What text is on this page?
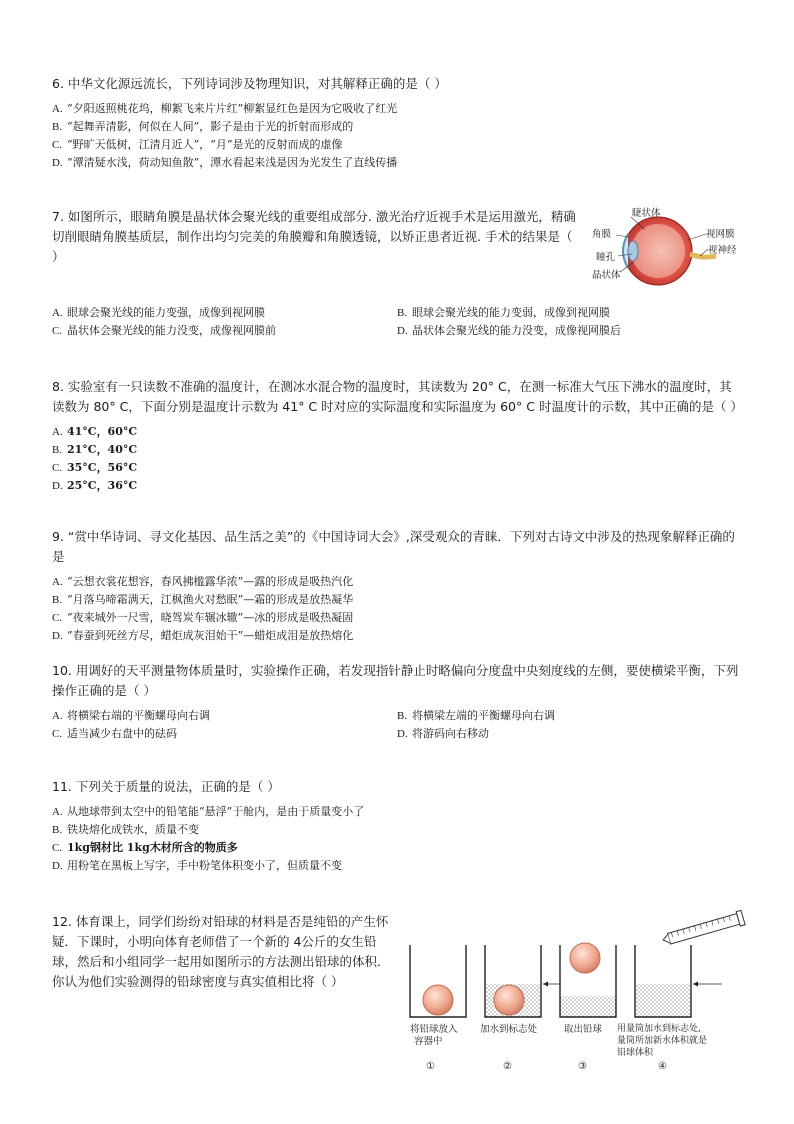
6. 中华文化源远流长，下列诗词涉及物理知识，对其解释正确的是（ ）

A. “夕阳返照桃花坞，柳絮飞来片片红”柳絮显红色是因为它吸收了红光
B. “起舞弄清影，何似在人间”，影子是由于光的折射而形成的
C. “野旷天低树，江清月近人”，“月”是光的反射而成的虚像
D. “潭清疑水浅，荷动知鱼散”，潭水看起来浅是因为光发生了直线传播

7. 如图所示，眼睛角膜是晶状体会聚光线的重要组成部分. 激光治疗近视手术是运用激光，精确切削眼睛角膜基质层，制作出均匀完美的角膜瓣和角膜透镜，以矫正患者近视. 手术的结果是（ ）

睫状体
角膜	视网膜
视神经
瞳孔
晶状体
A. 眼球会聚光线的能力变强，成像到视网膜	B. 眼球会聚光线的能力变弱，成像到视网膜
C. 晶状体会聚光线的能力没变，成像视网膜前	D. 晶状体会聚光线的能力没变，成像视网膜后

8. 实验室有一只读数不准确的温度计，在测冰水混合物的温度时，其读数为 20° C，在测一标准大气压下沸水的温度时，其读数为 80° C，下面分别是温度计示数为 41° C 时对应的实际温度和实际温度为 60° C 时温度计的示数，其中正确的是（ ）

A. 41°C，60°C
B. 21°C，40°C
C. 35°C，56°C
D. 25°C，36°C

9. “赏中华诗词、寻文化基因、品生活之美”的《中国诗词大会》,深受观众的青睐．下列对古诗文中涉及的热现象解释正确的是

A. “云想衣裳花想容，春风拂槛露华浓”—露的形成是吸热汽化
B. “月落乌啼霜满天，江枫渔火对愁眠”—霜的形成是放热凝华
C. “夜来城外一尺雪，晓驾炭车辗冰辙”—冰的形成是吸热凝固
D. “春蚕到死丝方尽，蜡炬成灰泪始干”—蜡炬成泪是放热熔化

10. 用调好的天平测量物体质量时，实验操作正确，若发现指针静止时略偏向分度盘中央刻度线的左侧，要使横梁平衡，下列操作正确的是（ ）

A. 将横梁右端的平衡螺母向右调	B. 将横梁左端的平衡螺母向右调
C. 适当减少右盘中的砝码	D. 将游码向右移动

11. 下列关于质量的说法，正确的是（ ）

A. 从地球带到太空中的铅笔能“悬浮”于舱内，是由于质量变小了
B. 铁块熔化成铁水，质量不变
C. 1kg钢材比 1kg木材所含的物质多
D. 用粉笔在黑板上写字，手中粉笔体积变小了，但质量不变

12. 体育课上，同学们纷纷对铅球的材料是否是纯铅的产生怀疑．下课时，小明向体育老师借了一个新的 4公斤的女生铅球，然后和小组同学一起用如图所示的方法测出铅球的体积．你认为他们实验测得的铅球密度与真实值相比将（ ）

将铅球放入
容器中
加水到标志处	取出铅球 用量筒加水到标志处,
量筒所加新水体积就是
铅球体积
①	②	③	④
